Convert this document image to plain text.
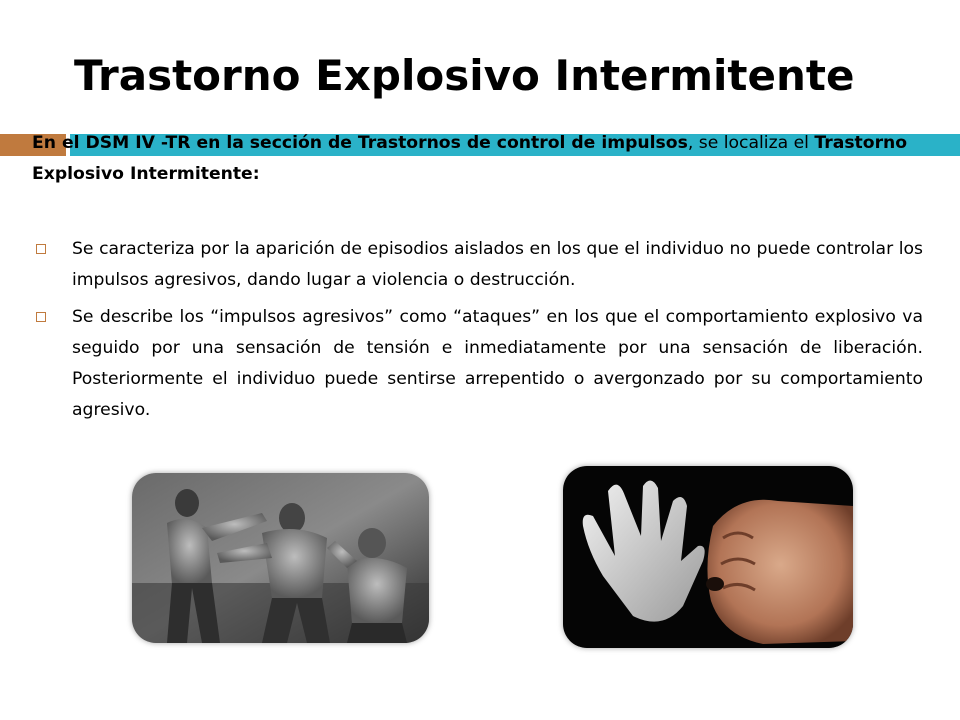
Trastorno Explosivo Intermitente

En el DSM IV -TR en la sección de Trastornos de control de impulsos, se localiza el Trastorno Explosivo Intermitente:

Se caracteriza por la aparición de episodios aislados en los que el individuo no puede controlar los impulsos agresivos, dando lugar a violencia o destrucción.
Se describe los “impulsos agresivos” como “ataques” en los que el comportamiento explosivo va seguido por una sensación de tensión e inmediatamente por una sensación de liberación. Posteriormente el individuo puede sentirse arrepentido o avergonzado por su comportamiento agresivo.
